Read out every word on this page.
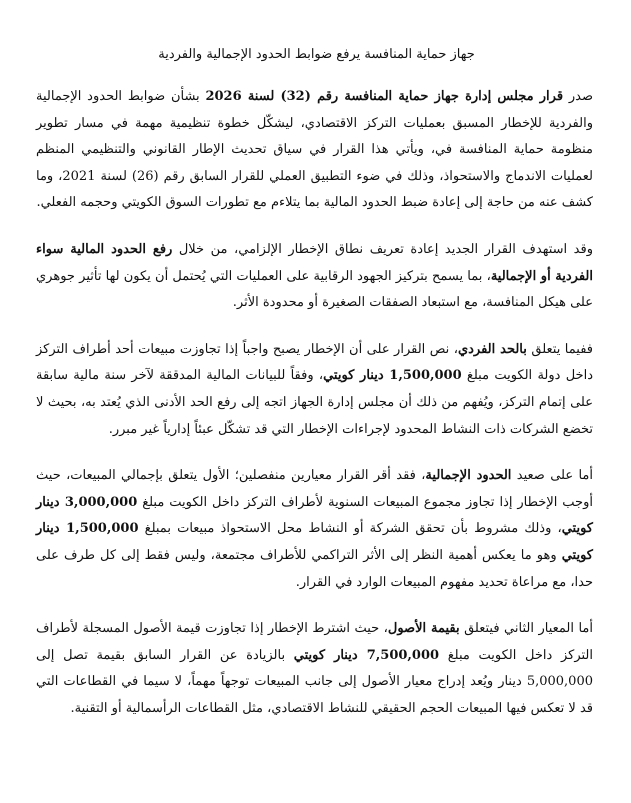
جهاز حماية المنافسة يرفع ضوابط الحدود الإجمالية والفردية

صدر قرار مجلس إدارة جهاز حماية المنافسة رقم (32) لسنة 2026 بشأن ضوابط الحدود الإجمالية والفردية للإخطار المسبق بعمليات التركز الاقتصادي، ليشكّل خطوة تنظيمية مهمة في مسار تطوير منظومة حماية المنافسة في، ويأتي هذا القرار في سياق تحديث الإطار القانوني والتنظيمي المنظم لعمليات الاندماج والاستحواذ، وذلك في ضوء التطبيق العملي للقرار السابق رقم (26) لسنة 2021، وما كشف عنه من حاجة إلى إعادة ضبط الحدود المالية بما يتلاءم مع تطورات السوق الكويتي وحجمه الفعلي.

وقد استهدف القرار الجديد إعادة تعريف نطاق الإخطار الإلزامي، من خلال رفع الحدود المالية سواء الفردية أو الإجمالية، بما يسمح بتركيز الجهود الرقابية على العمليات التي يُحتمل أن يكون لها تأثير جوهري على هيكل المنافسة، مع استبعاد الصفقات الصغيرة أو محدودة الأثر.

ففيما يتعلق بالحد الفردي، نص القرار على أن الإخطار يصبح واجباً إذا تجاوزت مبيعات أحد أطراف التركز داخل دولة الكويت مبلغ 1,500,000 دينار كويتي، وفقاً للبيانات المالية المدققة لآخر سنة مالية سابقة على إتمام التركز، ويُفهم من ذلك أن مجلس إدارة الجهاز اتجه إلى رفع الحد الأدنى الذي يُعتد به، بحيث لا تخضع الشركات ذات النشاط المحدود لإجراءات الإخطار التي قد تشكّل عبئاً إدارياً غير مبرر.

أما على صعيد الحدود الإجمالية، فقد أقر القرار معيارين منفصلين؛ الأول يتعلق بإجمالي المبيعات، حيث أوجب الإخطار إذا تجاوز مجموع المبيعات السنوية لأطراف التركز داخل الكويت مبلغ 3,000,000 دينار كويتي، وذلك مشروط بأن تحقق الشركة أو النشاط محل الاستحواذ مبيعات بمبلغ 1,500,000 دينار كويتي وهو ما يعكس أهمية النظر إلى الأثر التراكمي للأطراف مجتمعة، وليس فقط إلى كل طرف على حدا، مع مراعاة تحديد مفهوم المبيعات الوارد في القرار.

أما المعيار الثاني فيتعلق بقيمة الأصول، حيث اشترط الإخطار إذا تجاوزت قيمة الأصول المسجلة لأطراف التركز داخل الكويت مبلغ 7,500,000 دينار كويتي بالزيادة عن القرار السابق بقيمة تصل إلى 5,000,000 دينار ويُعد إدراج معيار الأصول إلى جانب المبيعات توجهاً مهماً، لا سيما في القطاعات التي قد لا تعكس فيها المبيعات الحجم الحقيقي للنشاط الاقتصادي، مثل القطاعات الرأسمالية أو التقنية.
